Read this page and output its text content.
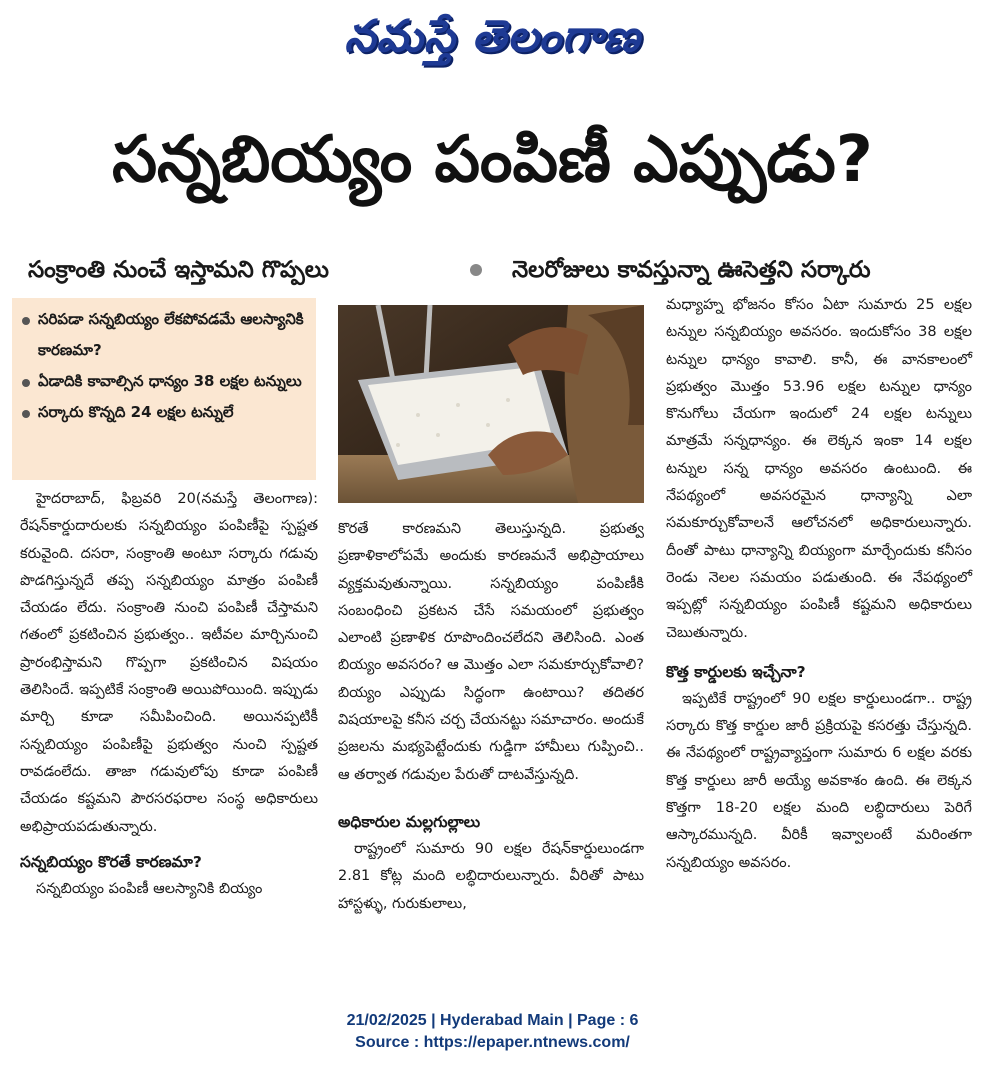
నమస్తే తెలంగాణ
సన్నబియ్యం పంపిణీ ఎప్పుడు?
సంక్రాంతి నుంచే ఇస్తామని గొప్పలు	నెలరోజులు కావస్తున్నా ఊసెత్తని సర్కారు
సరిపడా సన్నబియ్యం లేకపోవడమే ఆలస్యానికి కారణమా?
ఏడాదికి కావాల్సిన ధాన్యం 38 లక్షల టన్నులు
సర్కారు కొన్నది 24 లక్షల టన్నులే

హైదరాబాద్, ఫిబ్రవరి 20(నమస్తే తెలంగాణ): రేషన్‌కార్డుదారులకు సన్నబియ్యం పంపిణీపై స్పష్టత కరువైంది. దసరా, సంక్రాంతి అంటూ సర్కారు గడువు పొడగిస్తున్నదే తప్ప సన్నబియ్యం మాత్రం పంపిణీ చేయడం లేదు. సంక్రాంతి నుంచి పంపిణీ చేస్తామని గతంలో ప్రకటించిన ప్రభుత్వం.. ఇటీవల మార్చినుంచి ప్రారంభిస్తామని గొప్పగా ప్రకటించిన విషయం తెలిసిందే. ఇప్పటికే సంక్రాంతి అయిపోయింది. ఇప్పుడు మార్చి కూడా సమీపించింది. అయినప్పటికీ సన్నబియ్యం పంపిణీపై ప్రభుత్వం నుంచి స్పష్టత రావడంలేదు. తాజా గడువులోపు కూడా పంపిణీ చేయడం కష్టమని పౌరసరఫరాల సంస్థ అధికారులు అభిప్రాయపడుతున్నారు.

సన్నబియ్యం కొరతే కారణమా?

సన్నబియ్యం పంపిణీ ఆలస్యానికి బియ్యం

కొరతే కారణమని తెలుస్తున్నది. ప్రభుత్వ ప్రణాళికాలోపమే అందుకు కారణమనే అభిప్రాయాలు వ్యక్తమవుతున్నాయి. సన్నబియ్యం పంపిణీకి సంబంధించి ప్రకటన చేసే సమయంలో ప్రభుత్వం ఎలాంటి ప్రణాళిక రూపొందించలేదని తెలిసింది. ఎంత బియ్యం అవసరం? ఆ మొత్తం ఎలా సమకూర్చుకోవాలి? బియ్యం ఎప్పుడు సిద్ధంగా ఉంటాయి? తదితర విషయాలపై కనీస చర్చ చేయనట్టు సమాచారం. అందుకే ప్రజలను మభ్యపెట్టేందుకు గుడ్డిగా హామీలు గుప్పించి.. ఆ తర్వాత గడువుల పేరుతో దాటవేస్తున్నది.

అధికారుల మల్లగుల్లాలు

రాష్ట్రంలో సుమారు 90 లక్షల రేషన్‌కార్డులుండగా 2.81 కోట్ల మంది లబ్ధిదారులున్నారు. వీరితో పాటు హాస్టళ్ళు, గురుకులాలు,

మధ్యాహ్న భోజనం కోసం ఏటా సుమారు 25 లక్షల టన్నుల సన్నబియ్యం అవసరం. ఇందుకోసం 38 లక్షల టన్నుల ధాన్యం కావాలి. కానీ, ఈ వానకాలంలో ప్రభుత్వం మొత్తం 53.96 లక్షల టన్నుల ధాన్యం కొనుగోలు చేయగా ఇందులో 24 లక్షల టన్నులు మాత్రమే సన్నధాన్యం. ఈ లెక్కన ఇంకా 14 లక్షల టన్నుల సన్న ధాన్యం అవసరం ఉంటుంది. ఈ నేపథ్యంలో అవసరమైన ధాన్యాన్ని ఎలా సమకూర్చుకోవాలనే ఆలోచనలో అధికారులున్నారు. దీంతో పాటు ధాన్యాన్ని బియ్యంగా మార్చేందుకు కనీసం రెండు నెలల సమయం పడుతుంది. ఈ నేపథ్యంలో ఇప్పట్లో సన్నబియ్యం పంపిణీ కష్టమని అధికారులు చెబుతున్నారు.

కొత్త కార్డులకు ఇచ్చేనా?

ఇప్పటికే రాష్ట్రంలో 90 లక్షల కార్డులుండగా.. రాష్ట్ర సర్కారు కొత్త కార్డుల జారీ ప్రక్రియపై కసరత్తు చేస్తున్నది. ఈ నేపథ్యంలో రాష్ట్రవ్యాప్తంగా సుమారు 6 లక్షల వరకు కొత్త కార్డులు జారీ అయ్యే అవకాశం ఉంది. ఈ లెక్కన కొత్తగా 18-20 లక్షల మంది లబ్ధిదారులు పెరిగే ఆస్కారమున్నది. వీరికీ ఇవ్వాలంటే మరింతగా సన్నబియ్యం అవసరం.

21/02/2025 | Hyderabad Main | Page : 6
Source : https://epaper.ntnews.com/
